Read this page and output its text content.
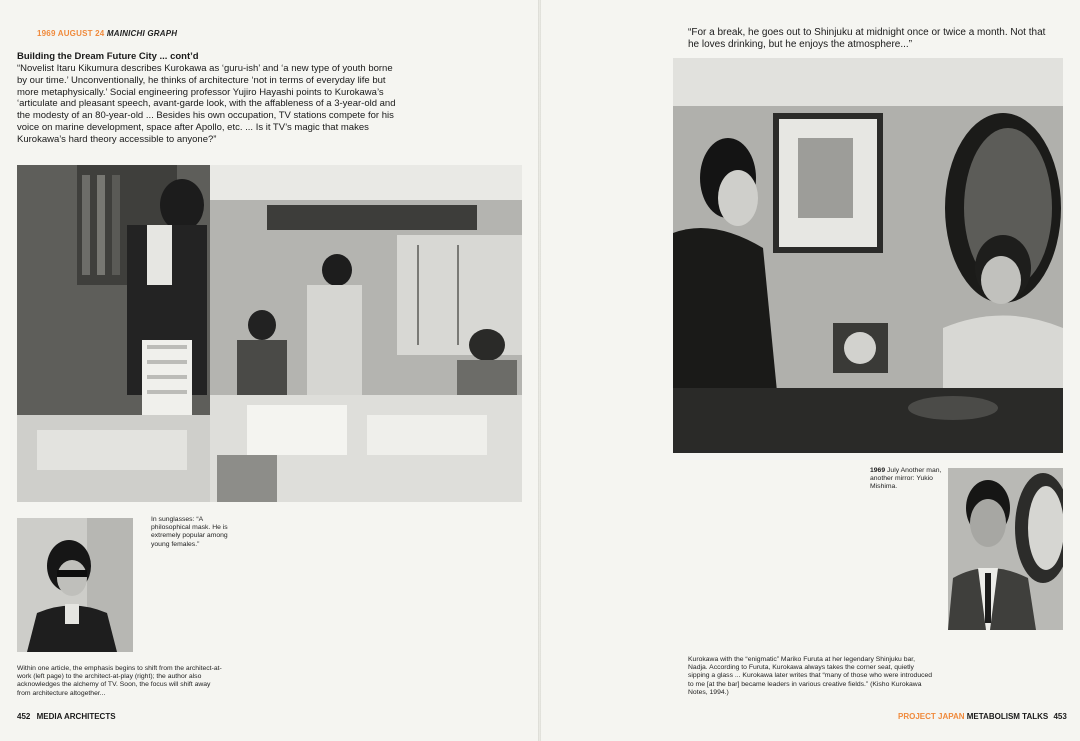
1969 AUGUST 24 MAINICHI GRAPH
Building the Dream Future City ... cont’d
“Novelist Itaru Kikumura describes Kurokawa as ‘guru-ish’ and ‘a new type of youth borne by our time.’ Unconventionally, he thinks of architecture ‘not in terms of everyday life but more metaphysically.’ Social engineering professor Yujiro Hayashi points to Kurokawa’s ‘articulate and pleasant speech, avant-garde look, with the affableness of a 3-year-old and the modesty of an 80-year-old ... Besides his own occupation, TV stations compete for his voice on marine development, space after Apollo, etc. ... Is it TV’s magic that makes Kurokawa’s hard theory accessible to anyone?”
In sunglasses: “A philosophical mask. He is extremely popular among young females.”
Within one article, the emphasis begins to shift from the architect-at-work (left page) to the architect-at-play (right); the author also acknowledges the alchemy of TV. Soon, the focus will shift away from architecture altogether...
452 MEDIA ARCHITECTS
“For a break, he goes out to Shinjuku at midnight once or twice a month. Not that he loves drinking, but he enjoys the atmosphere...”
1969 July Another man, another mirror: Yukio Mishima.
Kurokawa with the “enigmatic” Mariko Furuta at her legendary Shinjuku bar, Nadja. According to Furuta, Kurokawa always takes the corner seat, quietly sipping a glass ... Kurokawa later writes that “many of those who were introduced to me [at the bar] became leaders in various creative fields.” (Kisho Kurokawa Notes, 1994.)
PROJECT JAPAN METABOLISM TALKS 453
